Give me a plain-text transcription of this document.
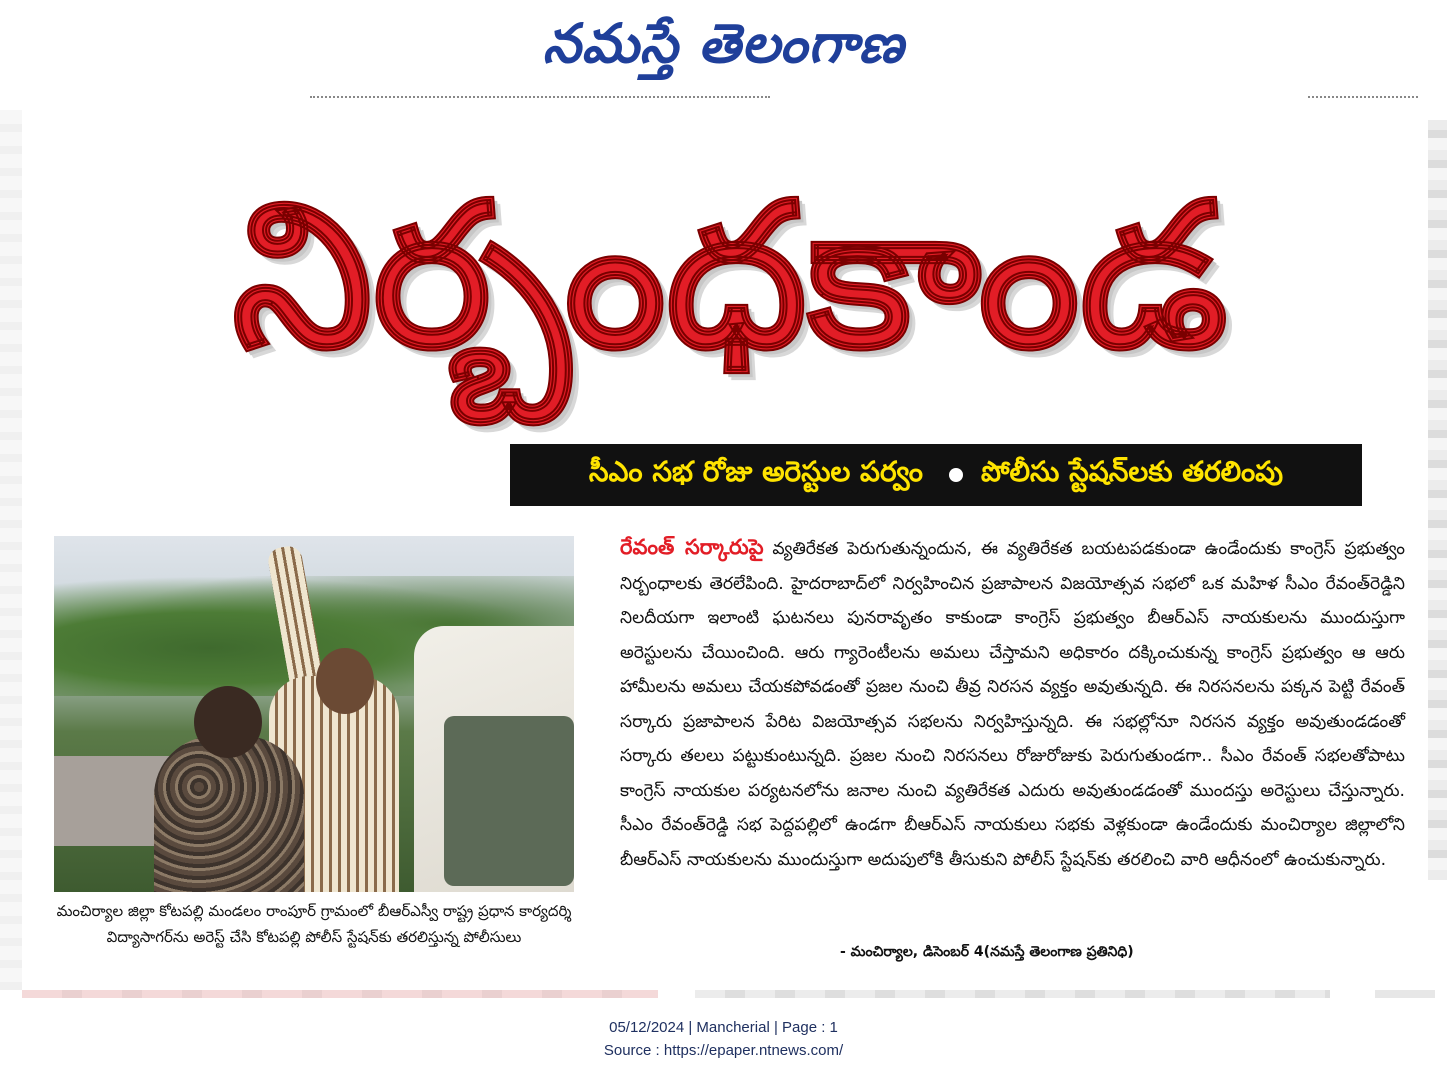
నమస్తే తెలంగాణ
నిర్బంధకాండ
సీఎం సభ రోజు అరెస్టుల పర్వం పోలీసు స్టేషన్‌లకు తరలింపు
మంచిర్యాల జిల్లా కోటపల్లి మండలం రాంపూర్ గ్రామంలో బీఆర్‌ఎస్వీ రాష్ట్ర ప్రధాన కార్యదర్శి విద్యాసాగర్‌ను అరెస్ట్ చేసి కోటపల్లి పోలీస్ స్టేషన్‌కు తరలిస్తున్న పోలీసులు
రేవంత్ సర్కారుపై వ్యతిరేకత పెరుగుతున్నందున, ఈ వ్యతిరేకత బయటపడకుండా ఉండేందుకు కాంగ్రెస్ ప్రభుత్వం నిర్బంధాలకు తెరలేపింది. హైదరాబాద్‌లో నిర్వహించిన ప్రజాపాలన విజయోత్సవ సభలో ఒక మహిళ సీఎం రేవంత్‌రెడ్డిని నిలదీయగా ఇలాంటి ఘటనలు పునరావృతం కాకుండా కాంగ్రెస్ ప్రభుత్వం బీఆర్‌ఎస్ నాయకులను ముందుస్తుగా అరెస్టులను చేయించింది. ఆరు గ్యారెంటీలను అమలు చేస్తామని అధికారం దక్కించుకున్న కాంగ్రెస్ ప్రభుత్వం ఆ ఆరు హామీలను అమలు చేయకపోవడంతో ప్రజల నుంచి తీవ్ర నిరసన వ్యక్తం అవుతున్నది. ఈ నిరసనలను పక్కన పెట్టి రేవంత్ సర్కారు ప్రజాపాలన పేరిట విజయోత్సవ సభలను నిర్వహిస్తున్నది. ఈ సభల్లోనూ నిరసన వ్యక్తం అవుతుండడంతో సర్కారు తలలు పట్టుకుంటున్నది. ప్రజల నుంచి నిరసనలు రోజురోజుకు పెరుగుతుండగా.. సీఎం రేవంత్ సభలతోపాటు కాంగ్రెస్ నాయకుల పర్యటనలోను జనాల నుంచి వ్యతిరేకత ఎదురు అవుతుండడంతో ముందస్తు అరెస్టులు చేస్తున్నారు. సీఎం రేవంత్‌రెడ్డి సభ పెద్దపల్లిలో ఉండగా బీఆర్‌ఎస్ నాయకులు సభకు వెళ్లకుండా ఉండేందుకు మంచిర్యాల జిల్లాలోని బీఆర్‌ఎస్ నాయకులను ముందుస్తుగా అదుపులోకి తీసుకుని పోలీస్ స్టేషన్‌కు తరలించి వారి ఆధీనంలో ఉంచుకున్నారు.
- మంచిర్యాల, డిసెంబర్ 4(నమస్తే తెలంగాణ ప్రతినిధి)
05/12/2024 | Mancherial | Page : 1
Source : https://epaper.ntnews.com/
